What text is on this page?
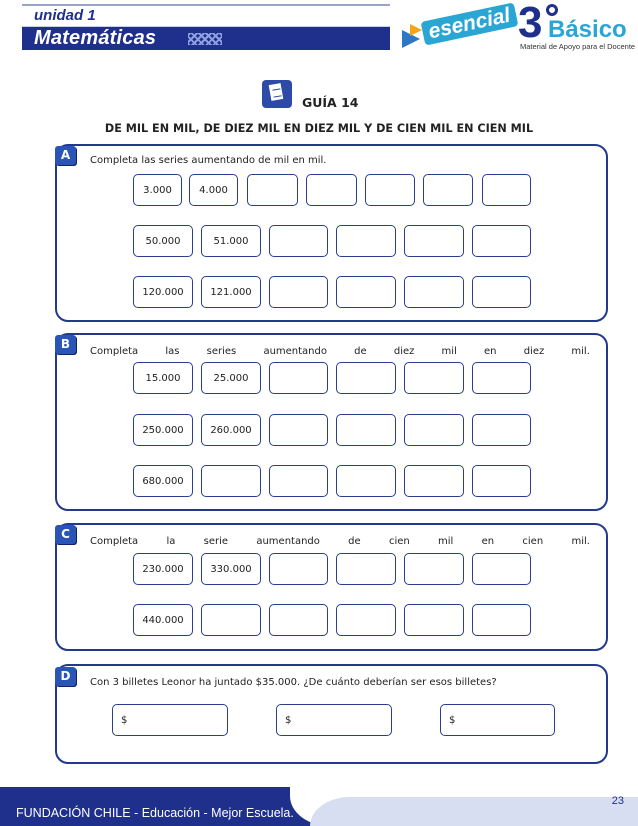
unidad 1
Matemáticas	esencial 3 Básico
Material de Apoyo para el Docente
GUÍA 14
DE MIL EN MIL, DE DIEZ MIL EN DIEZ MIL Y DE CIEN MIL EN CIEN MIL
A	Completa las series aumentando de mil en mil.
3.000	4.000
50.000	51.000
120.000	121.000
B
Completa	las	series	aumentando	de	diez	mil	en	diez	mil.
15.000	25.000
250.000	260.000
680.000
C
Completa	la	serie	aumentando	de	cien	mil	en	cien	mil.
230.000	330.000
440.000
D	Con 3 billetes Leonor ha juntado $35.000. ¿De cuánto deberían ser esos billetes?
$	$	$
FUNDACIÓN CHILE - Educación - Mejor Escuela.
23
